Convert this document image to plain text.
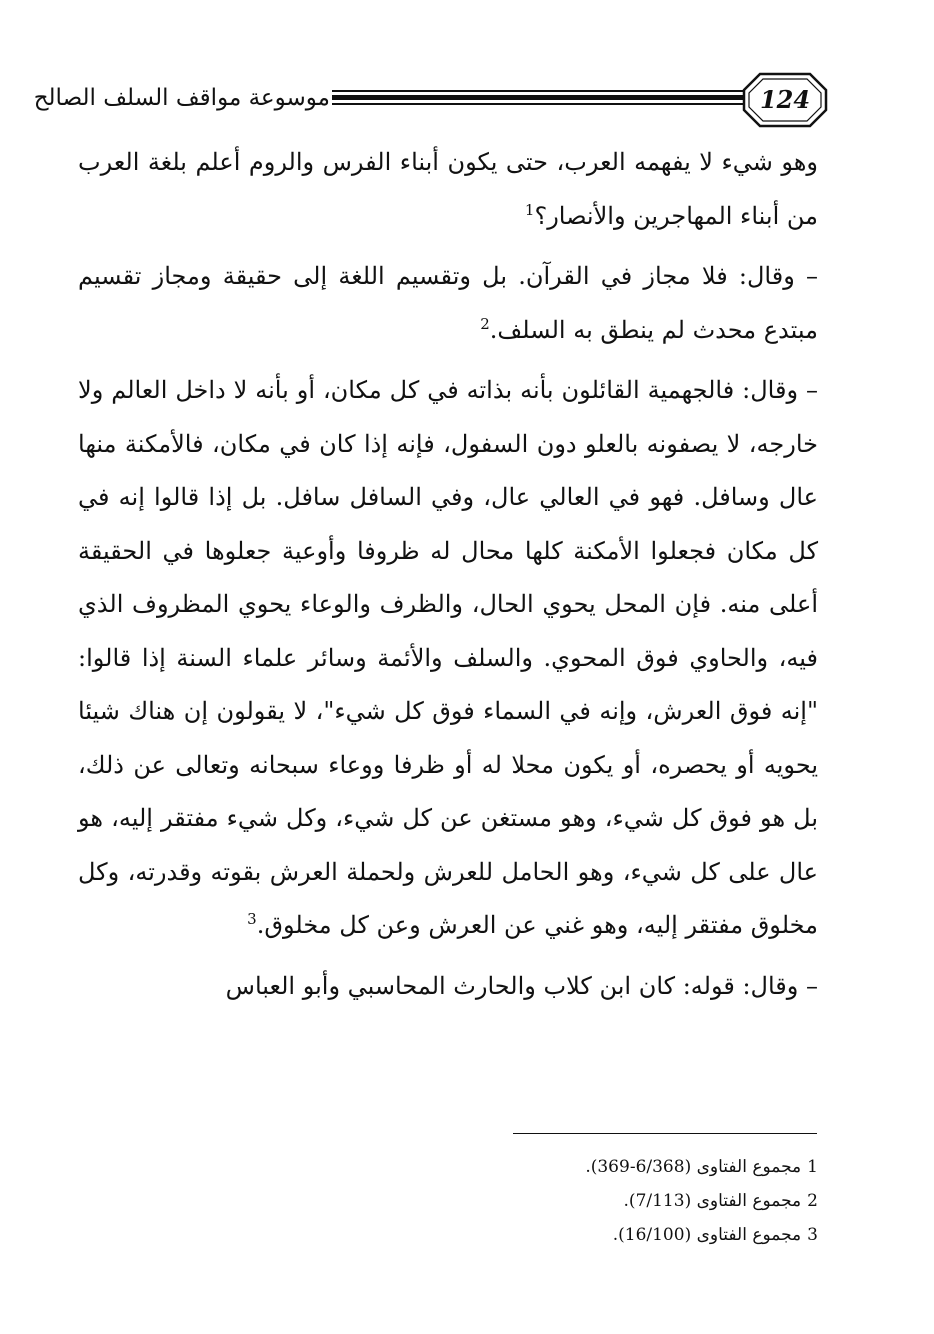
موسوعة مواقف السلف الصالح	124

وهو شيء لا يفهمه العرب، حتى يكون أبناء الفرس والروم أعلم بلغة العرب من أبناء المهاجرين والأنصار؟$^1$

– وقال: فلا مجاز في القرآن. بل وتقسيم اللغة إلى حقيقة ومجاز تقسيم مبتدع محدث لم ينطق به السلف.$^2$

– وقال: فالجهمية القائلون بأنه بذاته في كل مكان، أو بأنه لا داخل العالم ولا خارجه، لا يصفونه بالعلو دون السفول، فإنه إذا كان في مكان، فالأمكنة منها عال وسافل. فهو في العالي عال، وفي السافل سافل. بل إذا قالوا إنه في كل مكان فجعلوا الأمكنة كلها محال له ظروفا وأوعية جعلوها في الحقيقة أعلى منه. فإن المحل يحوي الحال، والظرف والوعاء يحوي المظروف الذي فيه، والحاوي فوق المحوي. والسلف والأئمة وسائر علماء السنة إذا قالوا: "إنه فوق العرش، وإنه في السماء فوق كل شيء"، لا يقولون إن هناك شيئا يحويه أو يحصره، أو يكون محلا له أو ظرفا ووعاء سبحانه وتعالى عن ذلك، بل هو فوق كل شيء، وهو مستغن عن كل شيء، وكل شيء مفتقر إليه، هو عال على كل شيء، وهو الحامل للعرش ولحملة العرش بقوته وقدرته، وكل مخلوق مفتقر إليه، وهو غني عن العرش وعن كل مخلوق.$^3$

– وقال: قوله: كان ابن كلاب والحارث المحاسبي وأبو العباس

1مجموع الفتاوى (6/368-369).
2مجموع الفتاوى (7/113).
3مجموع الفتاوى (16/100).
